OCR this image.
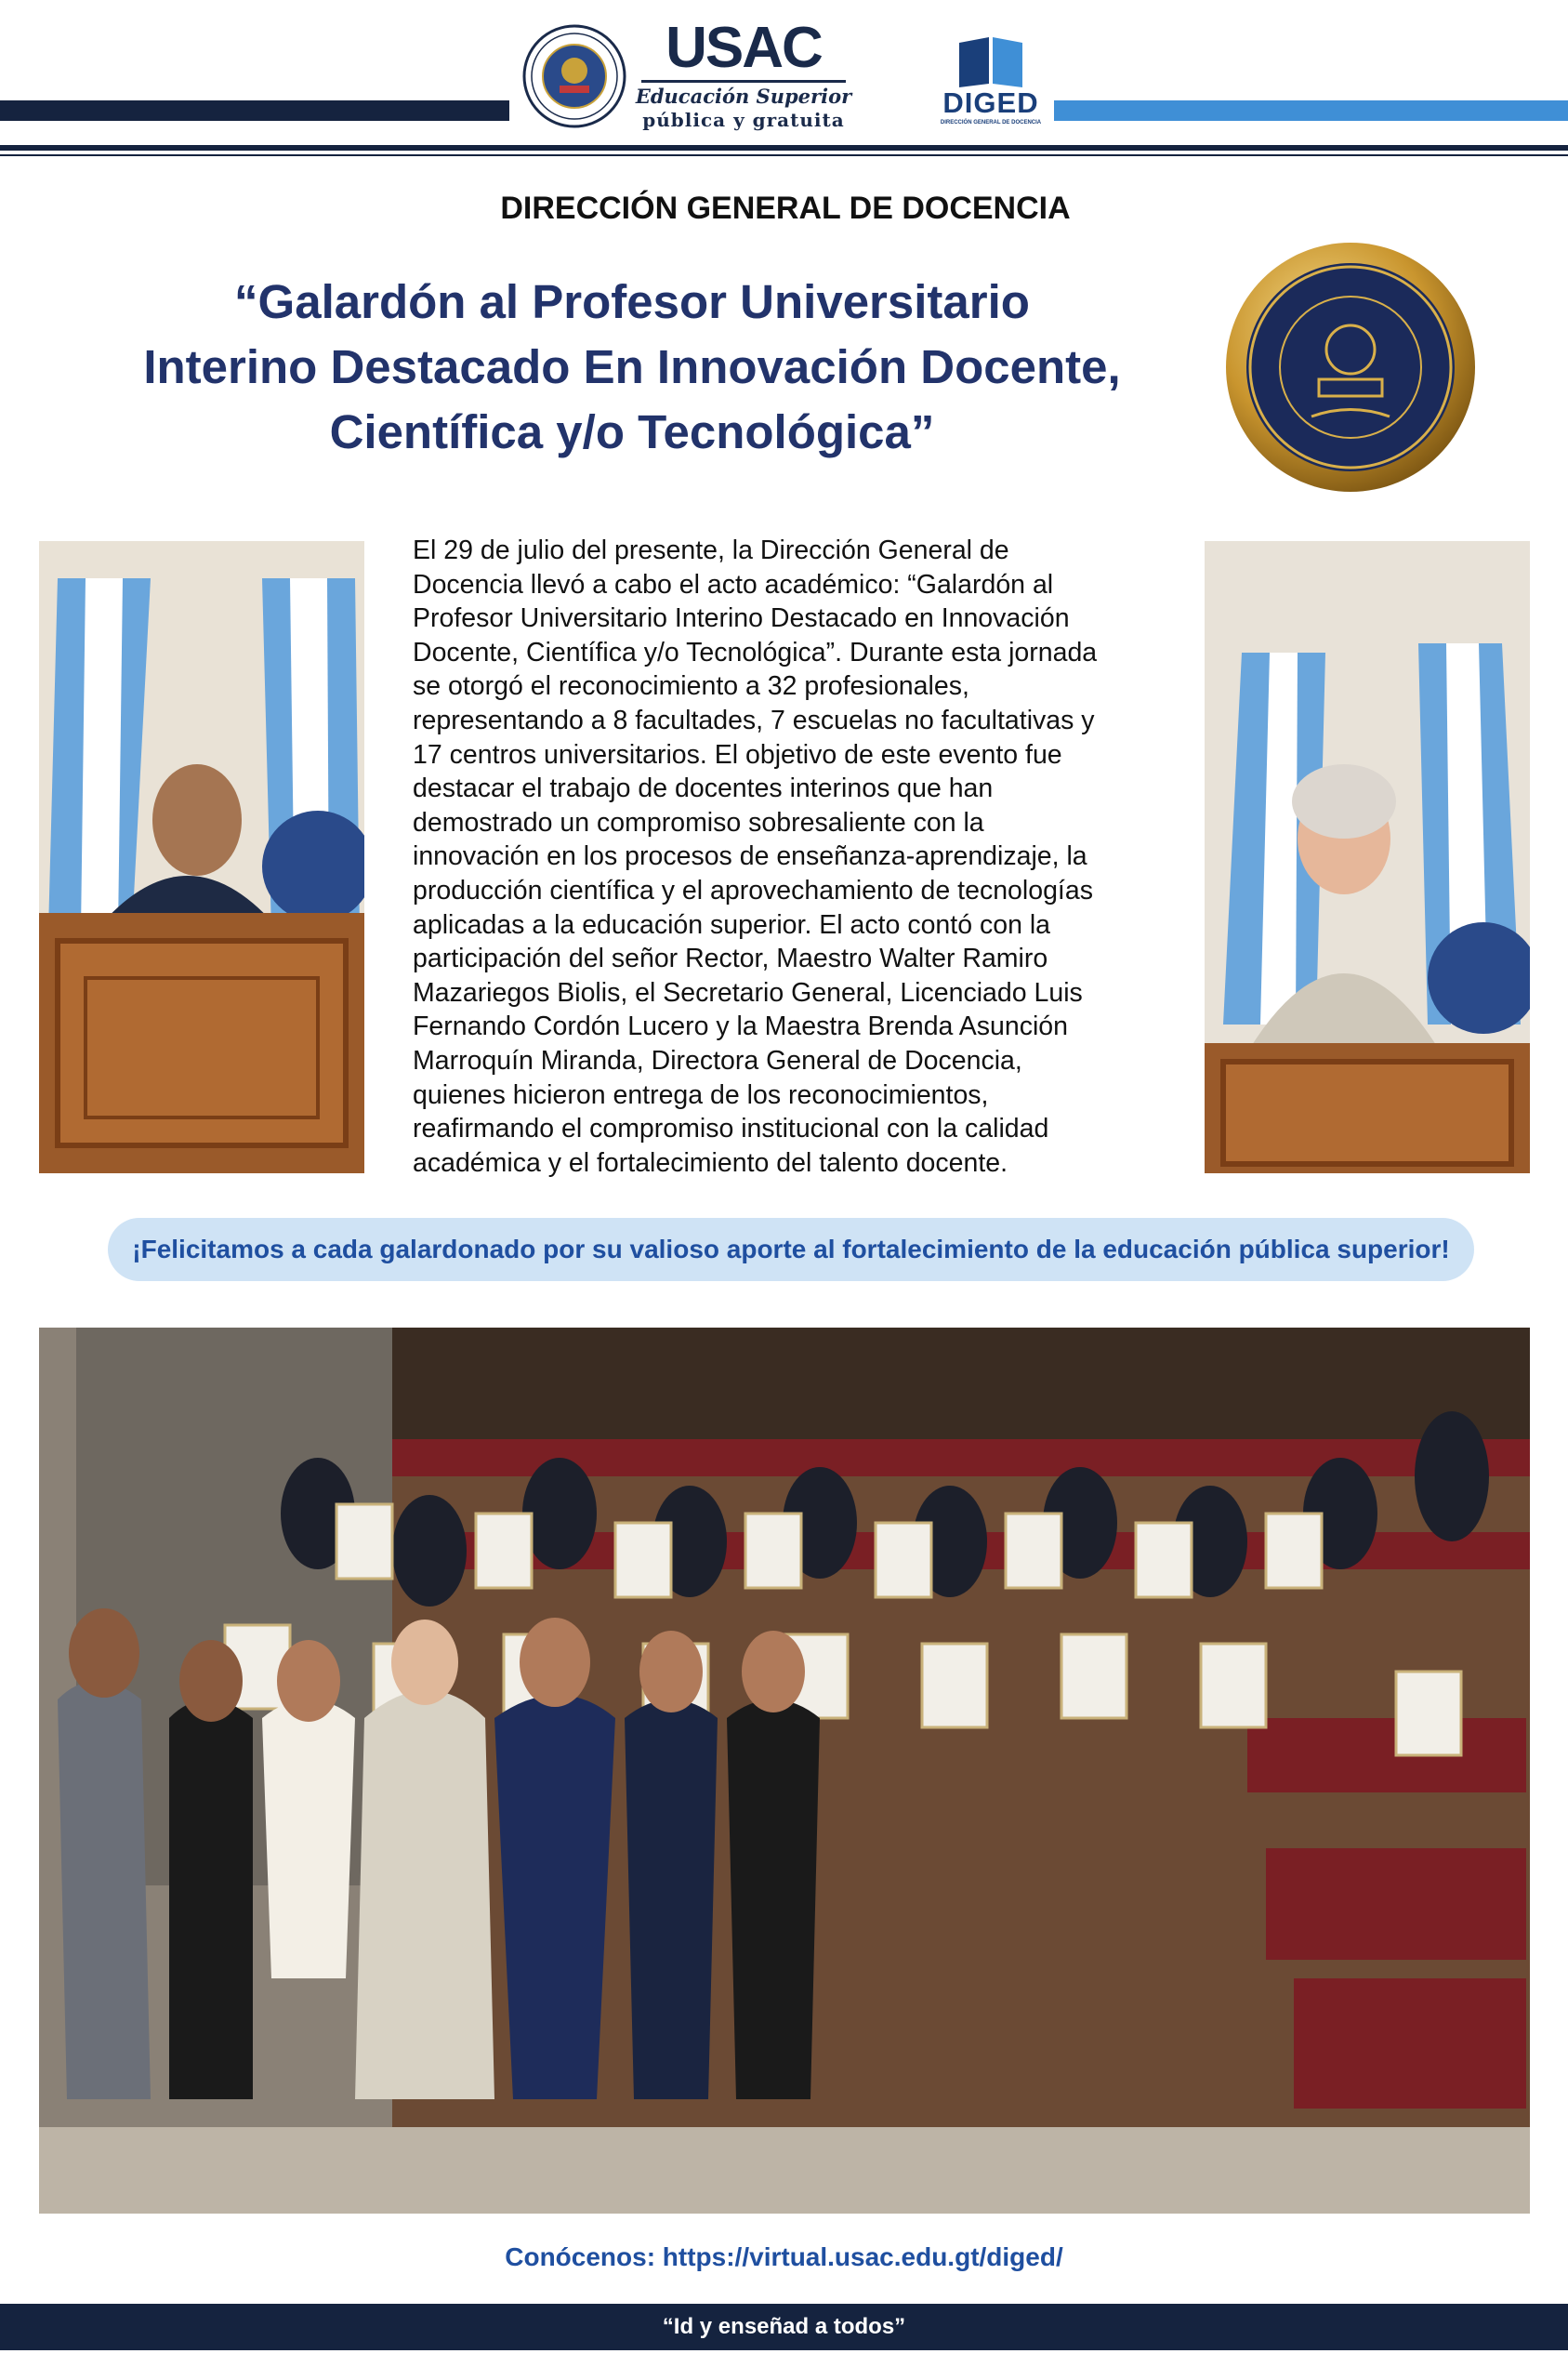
USAC
Educación Superior
pública y gratuita
DIGED
DIRECCIÓN GENERAL DE DOCENCIA
DIRECCIÓN GENERAL DE DOCENCIA
“Galardón al Profesor Universitario
Interino Destacado En Innovación Docente,
Científica y/o Tecnológica”
El 29 de julio del presente, la Dirección General de
Docencia llevó a cabo el acto académico: “Galardón al
Profesor Universitario Interino Destacado en Innovación
Docente, Científica y/o Tecnológica”. Durante esta jornada
se otorgó el reconocimiento a 32 profesionales,
representando a 8 facultades, 7 escuelas no facultativas y
17 centros universitarios. El objetivo de este evento fue
destacar el trabajo de docentes interinos que han
demostrado un compromiso sobresaliente con la
innovación en los procesos de enseñanza-aprendizaje, la
producción científica y el aprovechamiento de tecnologías
aplicadas a la educación superior. El acto contó con la
participación del señor Rector, Maestro Walter Ramiro
Mazariegos Biolis, el Secretario General, Licenciado Luis
Fernando Cordón Lucero y la Maestra Brenda Asunción
Marroquín Miranda, Directora General de Docencia,
quienes hicieron entrega de los reconocimientos,
reafirmando el compromiso institucional con la calidad
académica y el fortalecimiento del talento docente.
¡Felicitamos a cada galardonado por su valioso aporte al fortalecimiento de la educación pública superior!
Conócenos: https://virtual.usac.edu.gt/diged/
“Id y enseñad a todos”
